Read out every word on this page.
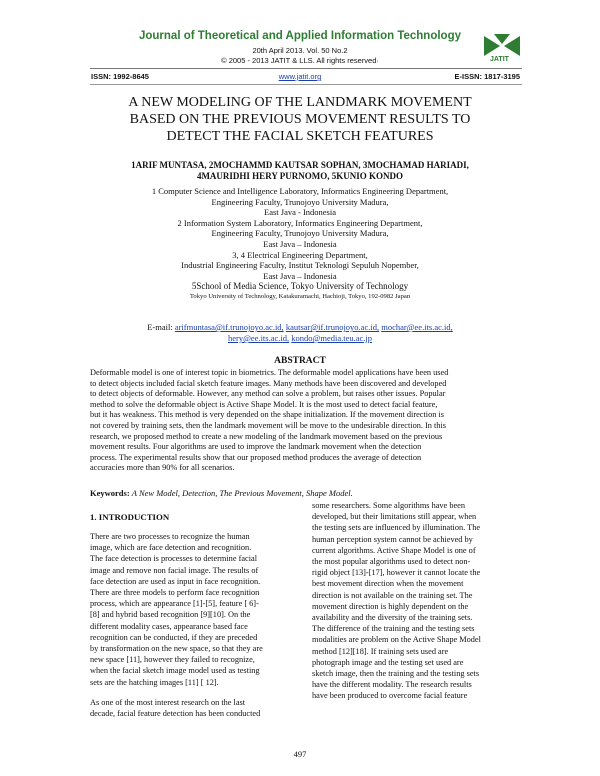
Journal of Theoretical and Applied Information Technology
20th April 2013. Vol. 50 No.2
© 2005 - 2013 JATIT & LLS. All rights reserved·	JATIT
ISSN: 1992-8645	www.jatit.org	E-ISSN: 1817-3195
A NEW MODELING OF THE LANDMARK MOVEMENT
BASED ON THE PREVIOUS MOVEMENT RESULTS TO
DETECT THE FACIAL SKETCH FEATURES
1ARIF MUNTASA, 2MOCHAMMD KAUTSAR SOPHAN, 3MOCHAMAD HARIADI,
4MAURIDHI HERY PURNOMO, 5KUNIO KONDO
1 Computer Science and Intelligence Laboratory, Informatics Engineering Department,
Engineering Faculty, Trunojoyo University Madura,
East Java - Indonesia
2 Information System Laboratory, Informatics Engineering Department,
Engineering Faculty, Trunojoyo University Madura,
East Java – Indonesia
3, 4 Electrical Engineering Department,
Industrial Engineering Faculty, Institut Teknologi Sepuluh Nopember,
East Java – Indonesia
5School of Media Science, Tokyo University of Technology
Tokyo University of Technology, Katakuramachi, Hachioji, Tokyo, 192-0982 Japan
E-mail: arifmuntasa@if.trunojoyo.ac.id, kautsar@if.trunojoyo.ac.id, mochar@ee.its.ac.id,
hery@ee.its.ac.id, kondo@media.teu.ac.jp
ABSTRACT
Deformable model is one of interest topic in biometrics. The deformable model applications have been used
to detect objects included facial sketch feature images. Many methods have been discovered and developed
to detect objects of deformable. However, any method can solve a problem, but raises other issues. Popular
method to solve the deformable object is Active Shape Model. It is the most used to detect facial feature,
but it has weakness. This method is very depended on the shape initialization. If the movement direction is
not covered by training sets, then the landmark movement will be move to the undesirable direction. In this
research, we proposed method to create a new modeling of the landmark movement based on the previous
movement results. Four algorithms are used to improve the landmark movement when the detection
process. The experimental results show that our proposed method produces the average of detection
accuracies more than 90% for all scenarios.
Keywords: A New Model, Detection, The Previous Movement, Shape Model.
1. INTRODUCTION
There are two processes to recognize the human
image, which are face detection and recognition.
The face detection is processes to determine facial
image and remove non facial image. The results of
face detection are used as input in face recognition.
There are three models to perform face recognition
process, which are appearance [1]-[5], feature [ 6]-
[8] and hybrid based recognition [9][10]. On the
different modality cases, appearance based face
recognition can be conducted, if they are preceded
by transformation on the new space, so that they are
new space [11], however they failed to recognize,
when the facial sketch image model used as testing
sets are the hatching images [11] [ 12].
As one of the most interest research on the last
decade, facial feature detection has been conducted
some researchers. Some algorithms have been
developed, but their limitations still appear, when
the testing sets are influenced by illumination. The
human perception system cannot be achieved by
current algorithms. Active Shape Model is one of
the most popular algorithms used to detect non-
rigid object [13]-[17], however it cannot locate the
best movement direction when the movement
direction is not available on the training set. The
movement direction is highly dependent on the
availability and the diversity of the training sets.
The difference of the training and the testing sets
modalities are problem on the Active Shape Model
method [12][18]. If training sets used are
photograph image and the testing set used are
sketch image, then the training and the testing sets
have the different modality. The research results
have been produced to overcome facial feature
497
